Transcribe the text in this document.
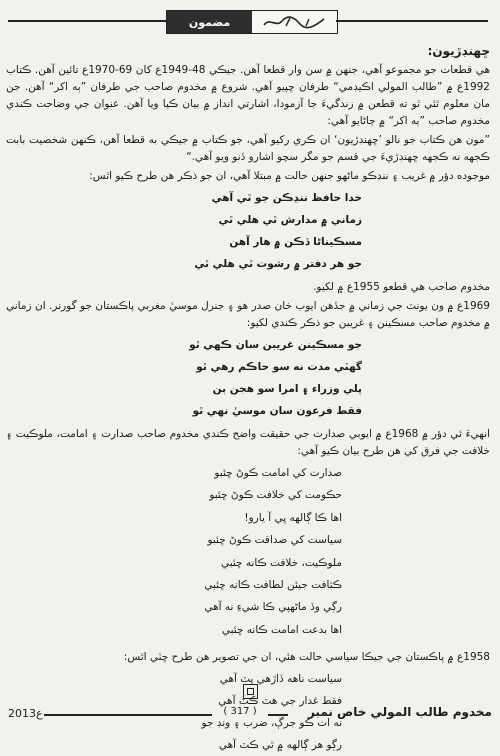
مضمون
ڇهنڊڙيون:
هي قطعات جو مجموعو آهي، جنهن ۾ سن وار قطعا آهن. جيڪي 48-1949ع کان 69-1970ع تائين آهن. ڪتاب 1992ع ۾ ”طالب المولي اڪيڊمي“ طرفان ڇپيو آهي. شروع ۾ مخدوم صاحب جي طرفان ”ٻه اکر“ آهن. جن مان معلوم ٿئي ٿو ته قطعن ۾ زندگيءَ جا آزمودا، اشارتي انداز ۾ بيان ڪيا ويا آهن. عنوان جي وضاحت ڪندي مخدوم صاحب ”ٻه اکر“ ۾ ڄاڻايو آهي:
”مون هن ڪتاب جو نالو ’ڇهنڊڙيون‘ ان ڪري رکيو آهي، جو ڪتاب ۾ جيڪي به قطعا آهن، ڪنهن شخصيت بابت ڪجهه نه ڪجهه ڇهنڊڙيءَ جي قسم جو مگر سچو اشارو ڏنو ويو آهي.“
موجوده دؤر ۾ غريب ۽ ننڍڪو ماڻهو جنهن حالت ۾ مبتلا آهي، ان جو ذڪر هن طرح ڪيو اٿس:
خدا حافظ ننڍڪن جو ٿي آهي
زماني ۾ مدارش ٿي هلي ٿي
مسڪيناڻا ڏڪن ۾ هار آهن
جو هر دفتر ۾ رشوت ٿي هلي ٿي
مخدوم صاحب هي قطعو 1955ع ۾ لکيو.
1969ع ۾ ون يونٽ جي زماني ۾ جڏهن ايوب خان صدر هو ۽ جنرل موسيٰ مغربي پاڪستان جو گورنر. ان زماني ۾ مخدوم صاحب مسڪينن ۽ غريبن جو ذڪر ڪندي لکيو:
جو مسڪينن غريبن سان ڪهي ٿو
گهٽي مدت نه سو حاڪم رهي ٿو
پلي وزراء ۽ امرا سو هجن ٻن
فقط فرعون سان موسيٰ نهي ٿو
انهيءَ ئي دؤر ۾ 1968ع ۾ ايوبي صدارت جي حقيقت واضح ڪندي مخدوم صاحب صدارت ۽ امامت، ملوڪيت ۽ خلافت جي فرق کي هن طرح بيان ڪيو آهي:
صدارت کي امامت ڪوڻ ڇئبو
حڪومت کي خلافت ڪوڻ ڇئبو
اها ڪا ڳالهه ڀي آ يارو!
سياست کي صداقت ڪوڻ ڇئبو
ملوڪيت، خلافت ڪانه ڇئبي
ڪثافت جيئن لطافت ڪانه ڇئبي
رڳي وڏ ماڻهپي ڪا شيءِ نه آهي
اها بدعت امامت ڪانه ڇئبي
1958ع ۾ پاڪستان جي جيڪا سياسي حالت هئي، ان جي تصوير هن طرح ڇٽي اٿس:
سياست ناهه ڏاڙهي پٽ آهي
فقط غدار جي هٽ ڪٽ آهي
نه ات ڪو جرڳ، ضرب ۽ ونڊ جو
رڳو هر ڳالهه ۾ ٿي ڪٽ آهي
2013ع	( 317 )	مخدوم طالب المولي خاص نمبر
